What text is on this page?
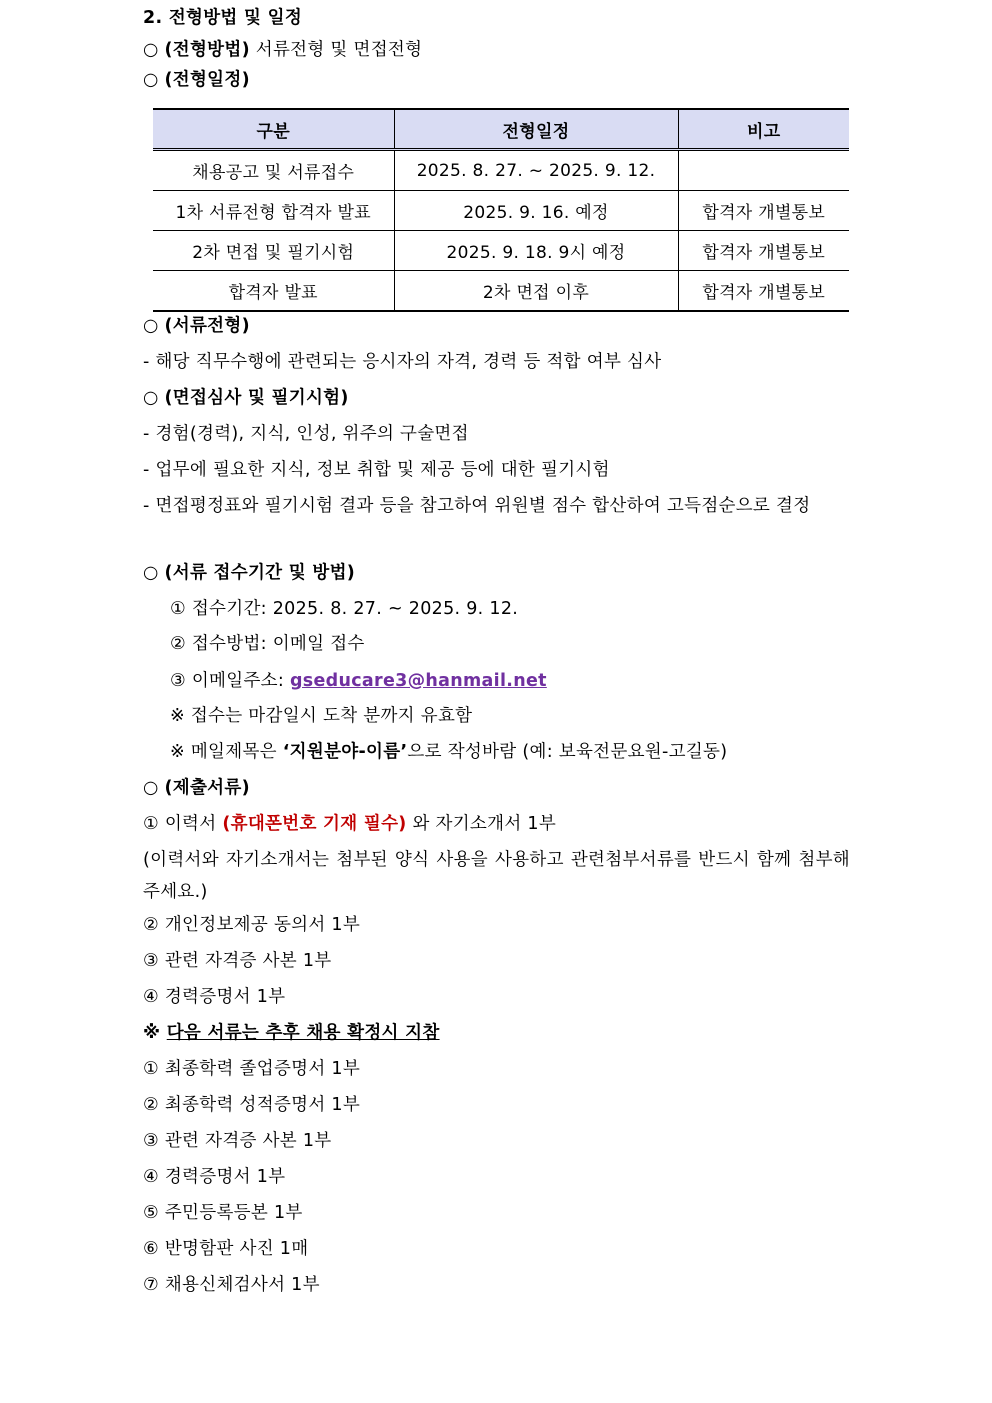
2. 전형방법 및 일정
○ (전형방법) 서류전형 및 면접전형
○ (전형일정)
구분	전형일정	비고
채용공고 및 서류접수	2025. 8. 27. ~ 2025. 9. 12.	
1차 서류전형 합격자 발표	2025. 9. 16. 예정	합격자 개별통보
2차 면접 및 필기시험	2025. 9. 18. 9시 예정	합격자 개별통보
합격자 발표	2차 면접 이후	합격자 개별통보
○ (서류전형)
- 해당 직무수행에 관련되는 응시자의 자격, 경력 등 적합 여부 심사
○ (면접심사 및 필기시험)
- 경험(경력), 지식, 인성, 위주의 구술면접
- 업무에 필요한 지식, 정보 취합 및 제공 등에 대한 필기시험
- 면접평정표와 필기시험 결과 등을 참고하여 위원별 점수 합산하여 고득점순으로 결정
○ (서류 접수기간 및 방법)
① 접수기간: 2025. 8. 27. ~ 2025. 9. 12.
② 접수방법: 이메일 접수
③ 이메일주소: gseducare3@hanmail.net
※ 접수는 마감일시 도착 분까지 유효함
※ 메일제목은 ‘지원분야-이름’으로 작성바람 (예: 보육전문요원-고길동)
○ (제출서류)
① 이력서 (휴대폰번호 기재 필수) 와 자기소개서 1부
(이력서와 자기소개서는 첨부된 양식 사용을 사용하고 관련첨부서류를 반드시 함께 첨부해 주세요.)
② 개인정보제공 동의서 1부
③ 관련 자격증 사본 1부
④ 경력증명서 1부
※ 다음 서류는 추후 채용 확정시 지참
① 최종학력 졸업증명서 1부
② 최종학력 성적증명서 1부
③ 관련 자격증 사본 1부
④ 경력증명서 1부
⑤ 주민등록등본 1부
⑥ 반명함판 사진 1매
⑦ 채용신체검사서 1부
